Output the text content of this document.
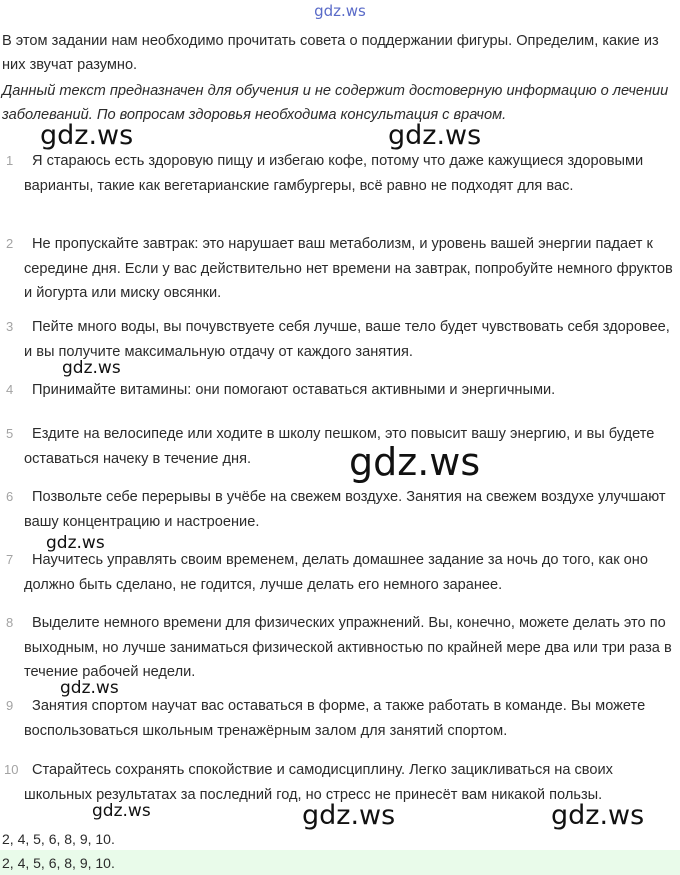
gdz.ws

В этом задании нам необходимо прочитать совета о поддержании фигуры. Определим, какие из них звучат разумно.

Данный текст предназначен для обучения и не содержит достоверную информацию о лечении заболеваний. По вопросам здоровья необходима консультация с врачом.

1	Я стараюсь есть здоровую пищу и избегаю кофе, потому что даже кажущиеся здоровыми варианты, такие как вегетарианские гамбургеры, всё равно не подходят для вас.
2	Не пропускайте завтрак: это нарушает ваш метаболизм, и уровень вашей энергии падает к середине дня. Если у вас действительно нет времени на завтрак, попробуйте немного фруктов и йогурта или миску овсянки.
3	Пейте много воды, вы почувствуете себя лучше, ваше тело будет чувствовать себя здоровее, и вы получите максимальную отдачу от каждого занятия.
4	Принимайте витамины: они помогают оставаться активными и энергичными.
5	Ездите на велосипеде или ходите в школу пешком, это повысит вашу энергию, и вы будете оставаться начеку в течение дня.
6	Позвольте себе перерывы в учёбе на свежем воздухе. Занятия на свежем воздухе улучшают вашу концентрацию и настроение.
7	Научитесь управлять своим временем, делать домашнее задание за ночь до того, как оно должно быть сделано, не годится, лучше делать его немного заранее.
8	Выделите немного времени для физических упражнений. Вы, конечно, можете делать это по выходным, но лучше заниматься физической активностью по крайней мере два или три раза в течение рабочей недели.
9	Занятия спортом научат вас оставаться в форме, а также работать в команде. Вы можете воспользоваться школьным тренажёрным залом для занятий спортом.
10 Старайтесь сохранять спокойствие и самодисциплину. Легко зацикливаться на своих школьных результатах за последний год, но стресс не принесёт вам никакой пользы.
2, 4, 5, 6, 8, 9, 10.
2, 4, 5, 6, 8, 9, 10.
gdz.ws	gdz.ws
gdz.ws
gdz.ws
gdz.ws
gdz.ws
gdz.ws	gdz.ws	gdz.ws
